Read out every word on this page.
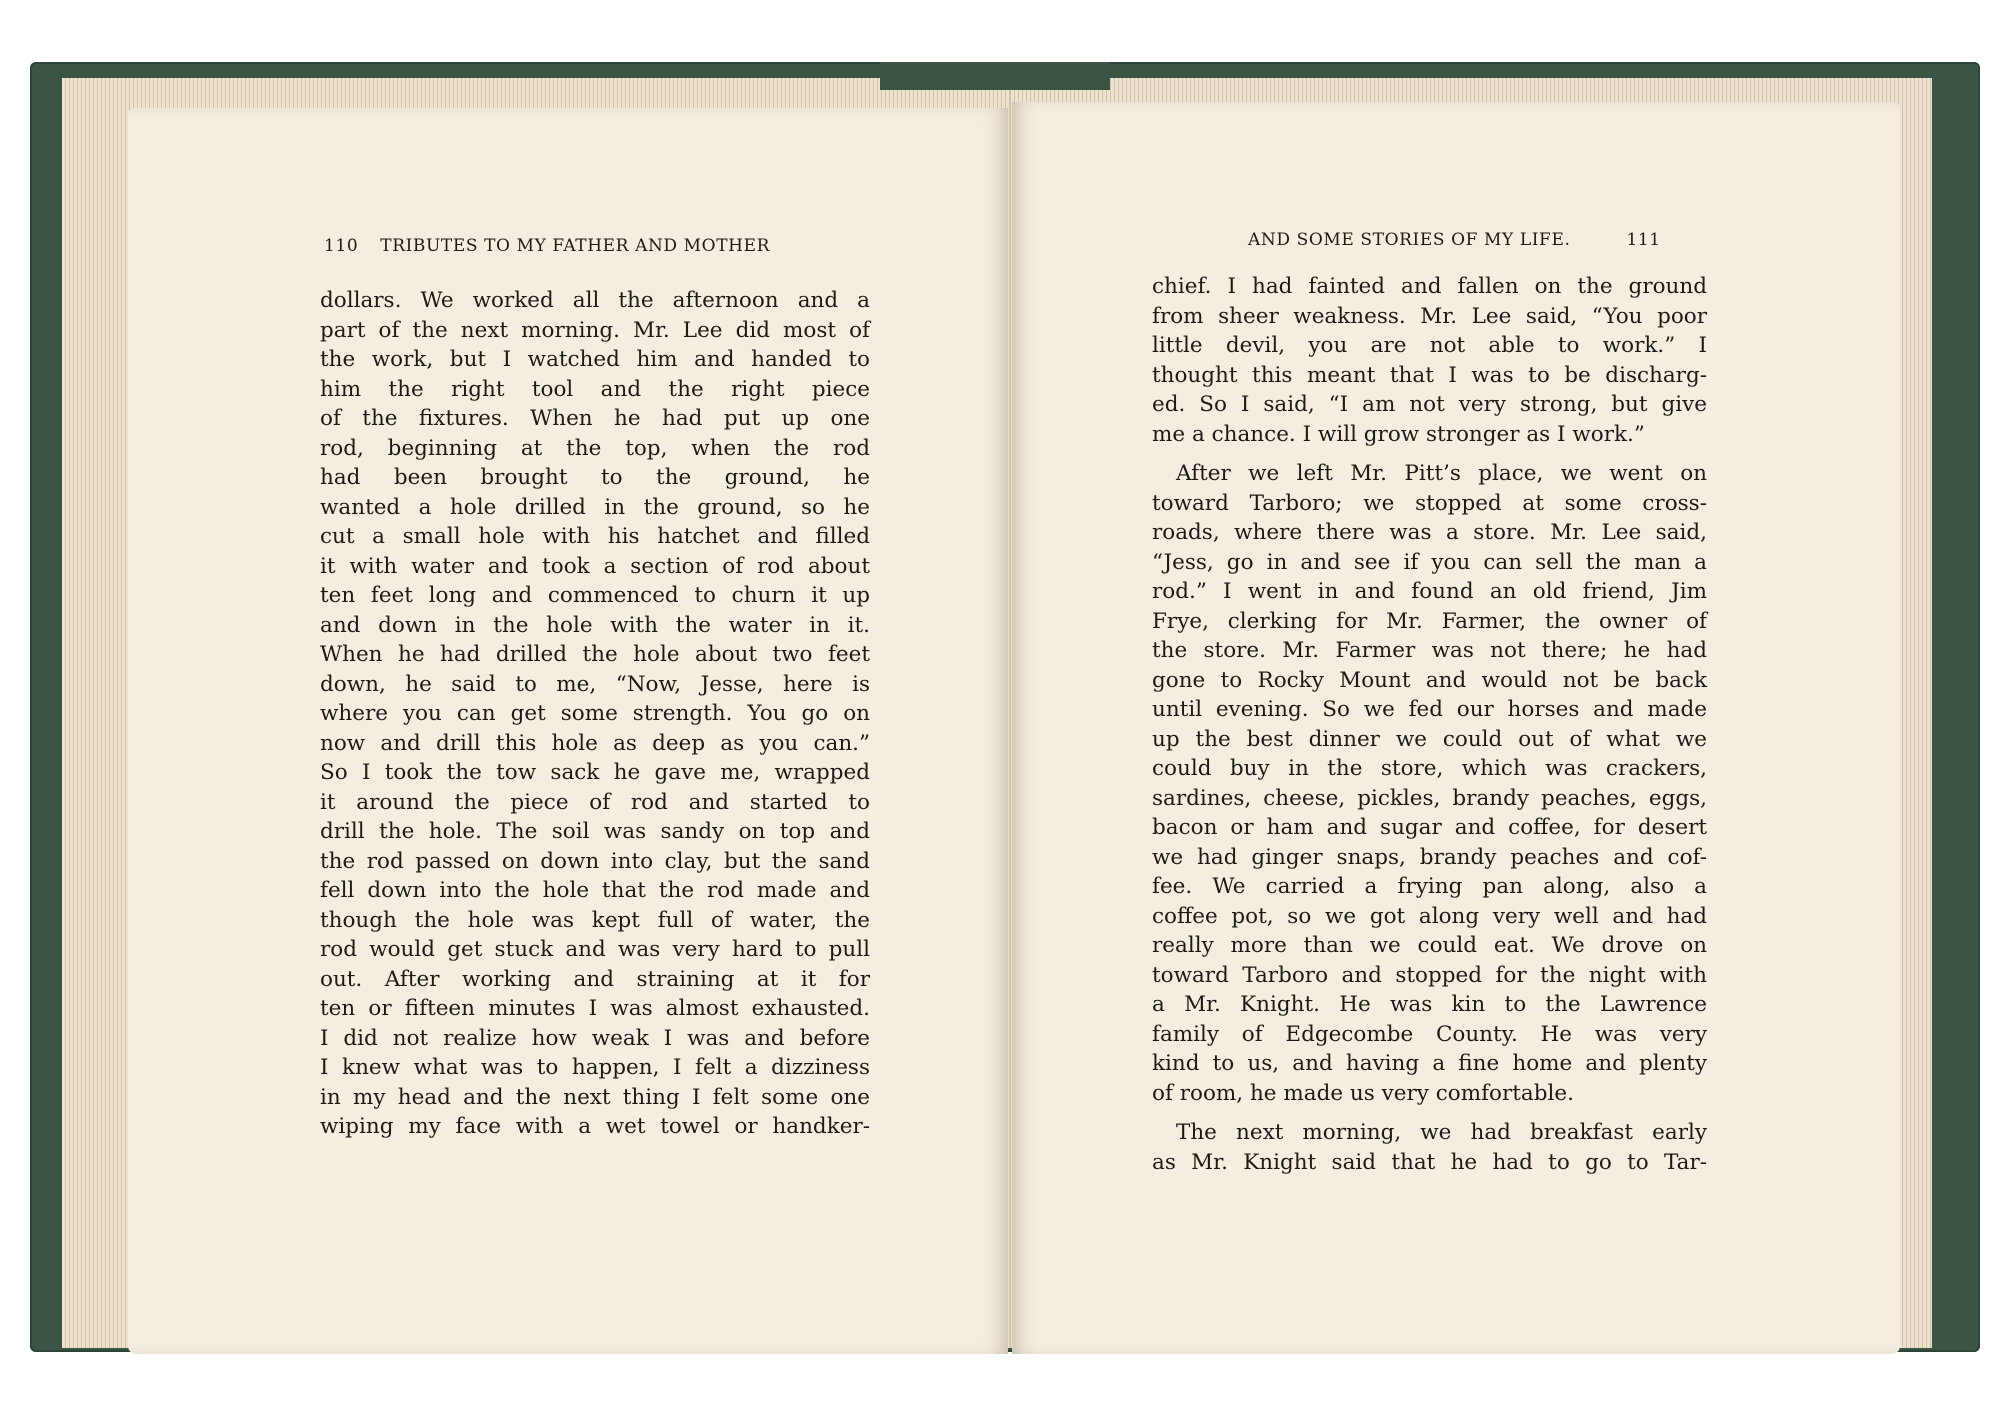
110 TRIBUTES TO MY FATHER AND MOTHER
dollars. We worked all the afternoon and a
part of the next morning. Mr. Lee did most of
the work, but I watched him and handed to
him the right tool and the right piece
of the fixtures. When he had put up one
rod, beginning at the top, when the rod
had been brought to the ground, he
wanted a hole drilled in the ground, so he
cut a small hole with his hatchet and filled
it with water and took a section of rod about
ten feet long and commenced to churn it up
and down in the hole with the water in it.
When he had drilled the hole about two feet
down, he said to me, “Now, Jesse, here is
where you can get some strength. You go on
now and drill this hole as deep as you can.”
So I took the tow sack he gave me, wrapped
it around the piece of rod and started to
drill the hole. The soil was sandy on top and
the rod passed on down into clay, but the sand
fell down into the hole that the rod made and
though the hole was kept full of water, the
rod would get stuck and was very hard to pull
out. After working and straining at it for
ten or fifteen minutes I was almost exhausted.
I did not realize how weak I was and before
I knew what was to happen, I felt a dizziness
in my head and the next thing I felt some one
wiping my face with a wet towel or handker-
AND SOME STORIES OF MY LIFE.	111
chief. I had fainted and fallen on the ground
from sheer weakness. Mr. Lee said, “You poor
little devil, you are not able to work.” I
thought this meant that I was to be discharg-
ed. So I said, “I am not very strong, but give
me a chance. I will grow stronger as I work.”
After we left Mr. Pitt’s place, we went on
toward Tarboro; we stopped at some cross-
roads, where there was a store. Mr. Lee said,
“Jess, go in and see if you can sell the man a
rod.” I went in and found an old friend, Jim
Frye, clerking for Mr. Farmer, the owner of
the store. Mr. Farmer was not there; he had
gone to Rocky Mount and would not be back
until evening. So we fed our horses and made
up the best dinner we could out of what we
could buy in the store, which was crackers,
sardines, cheese, pickles, brandy peaches, eggs,
bacon or ham and sugar and coffee, for desert
we had ginger snaps, brandy peaches and cof-
fee. We carried a frying pan along, also a
coffee pot, so we got along very well and had
really more than we could eat. We drove on
toward Tarboro and stopped for the night with
a Mr. Knight. He was kin to the Lawrence
family of Edgecombe County. He was very
kind to us, and having a fine home and plenty
of room, he made us very comfortable.
The next morning, we had breakfast early
as Mr. Knight said that he had to go to Tar-
